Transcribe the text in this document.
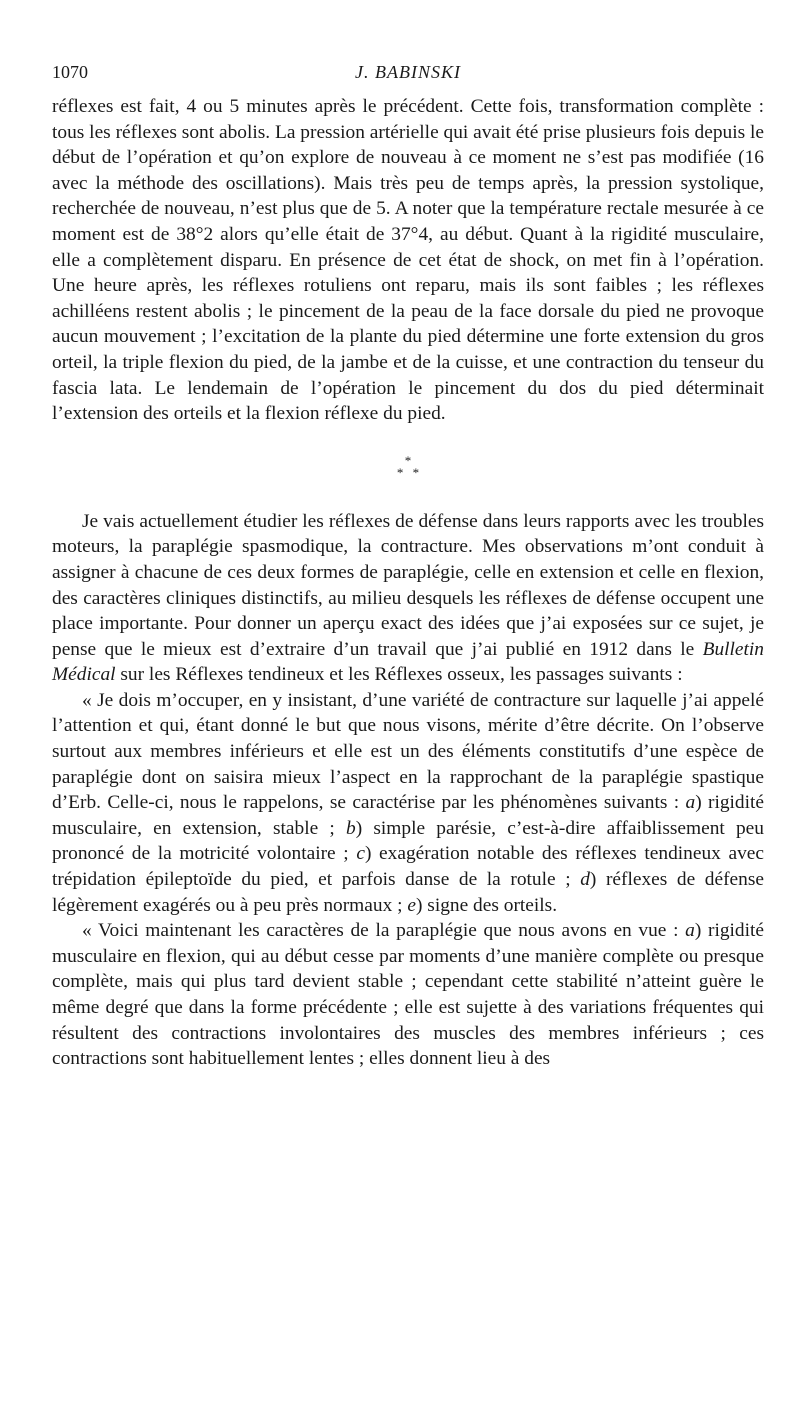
1070	J. BABINSKI

réflexes est fait, 4 ou 5 minutes après le précédent. Cette fois, transformation complète : tous les réflexes sont abolis. La pression artérielle qui avait été prise plusieurs fois depuis le début de l’opération et qu’on explore de nouveau à ce moment ne s’est pas modifiée (16 avec la méthode des oscillations). Mais très peu de temps après, la pression systolique, recherchée de nouveau, n’est plus que de 5. A noter que la température rectale mesurée à ce moment est de 38°2 alors qu’elle était de 37°4, au début. Quant à la rigidité musculaire, elle a complètement disparu. En présence de cet état de shock, on met fin à l’opération. Une heure après, les réflexes rotuliens ont reparu, mais ils sont faibles ; les réflexes achilléens restent abolis ; le pincement de la peau de la face dorsale du pied ne provoque aucun mouvement ; l’excitation de la plante du pied détermine une forte extension du gros orteil, la triple flexion du pied, de la jambe et de la cuisse, et une contraction du tenseur du fascia lata. Le lendemain de l’opération le pincement du dos du pied déterminait l’extension des orteils et la flexion réflexe du pied.

*
* *

Je vais actuellement étudier les réflexes de défense dans leurs rapports avec les troubles moteurs, la paraplégie spasmodique, la contracture. Mes observations m’ont conduit à assigner à chacune de ces deux formes de paraplégie, celle en extension et celle en flexion, des caractères cliniques distinctifs, au milieu desquels les réflexes de défense occupent une place importante. Pour donner un aperçu exact des idées que j’ai exposées sur ce sujet, je pense que le mieux est d’extraire d’un travail que j’ai publié en 1912 dans le Bulletin Médical sur les Réflexes tendineux et les Réflexes osseux, les passages suivants :

« Je dois m’occuper, en y insistant, d’une variété de contracture sur laquelle j’ai appelé l’attention et qui, étant donné le but que nous visons, mérite d’être décrite. On l’observe surtout aux membres inférieurs et elle est un des éléments constitutifs d’une espèce de paraplégie dont on saisira mieux l’aspect en la rapprochant de la paraplégie spastique d’Erb. Celle-ci, nous le rappelons, se caractérise par les phénomènes suivants : a) rigidité musculaire, en extension, stable ; b) simple parésie, c’est-à-dire affaiblissement peu prononcé de la motricité volontaire ; c) exagération notable des réflexes tendineux avec trépidation épileptoïde du pied, et parfois danse de la rotule ; d) réflexes de défense légèrement exagérés ou à peu près normaux ; e) signe des orteils.

« Voici maintenant les caractères de la paraplégie que nous avons en vue : a) rigidité musculaire en flexion, qui au début cesse par moments d’une manière complète ou presque complète, mais qui plus tard devient stable ; cependant cette stabilité n’atteint guère le même degré que dans la forme précédente ; elle est sujette à des variations fréquentes qui résultent des contractions involontaires des muscles des membres inférieurs ; ces contractions sont habituellement lentes ; elles donnent lieu à des
